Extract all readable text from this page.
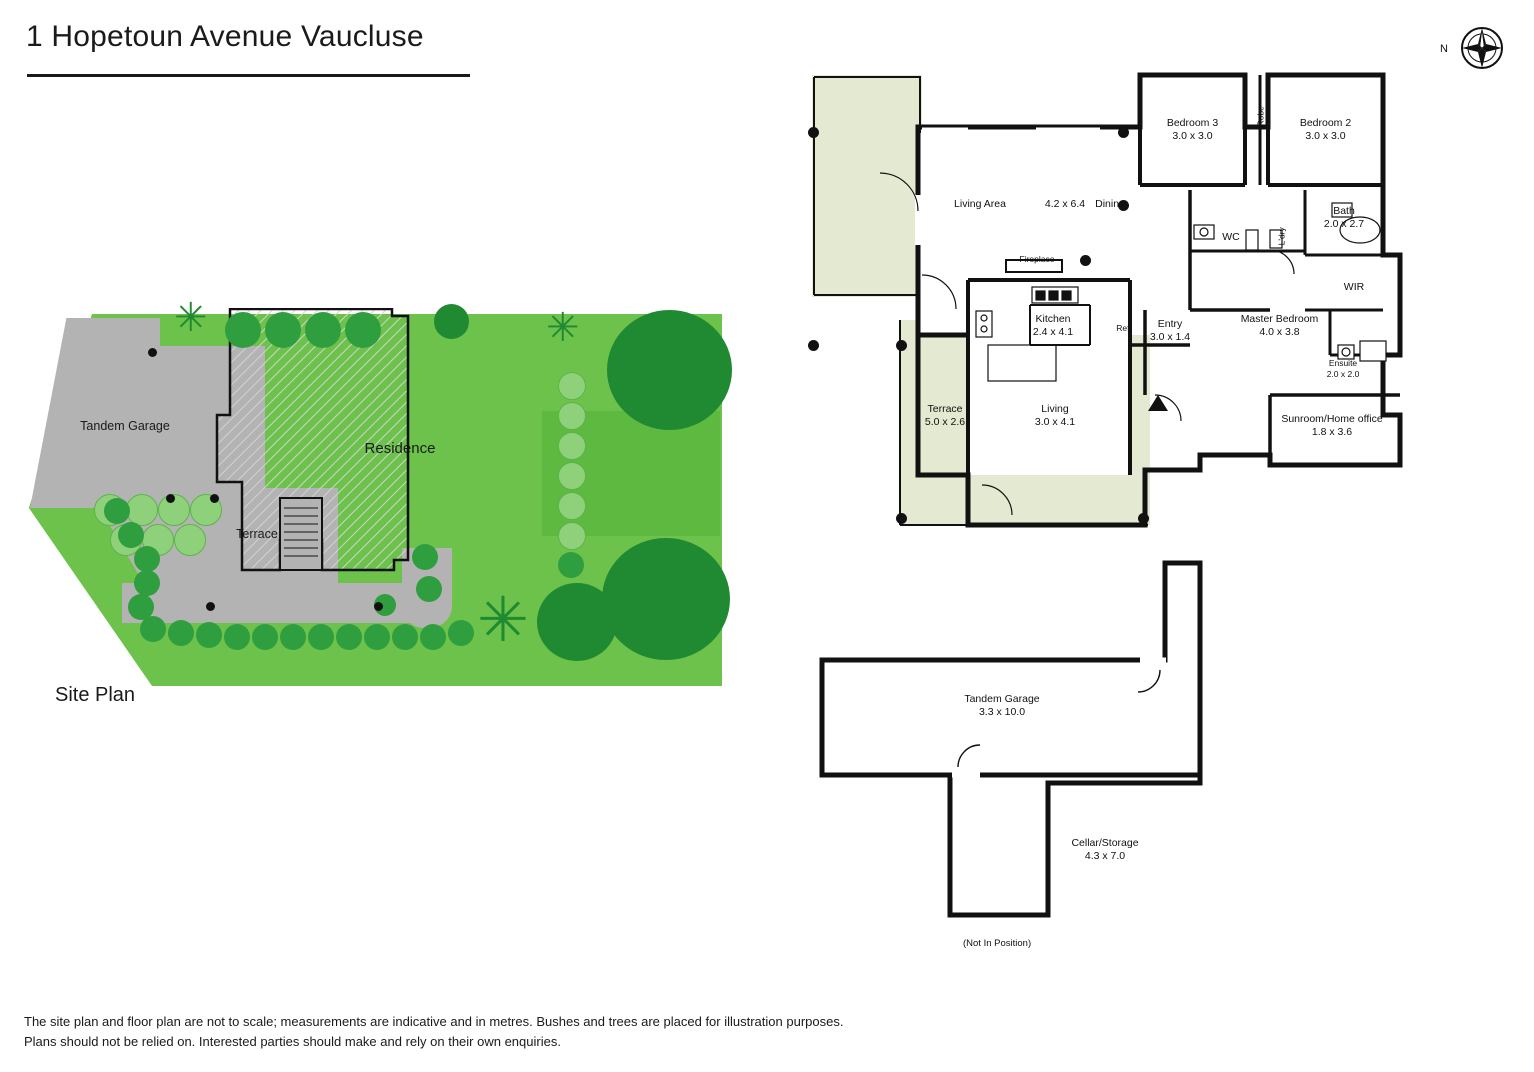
1 Hopetoun Avenue Vaucluse	N
✳	✳
✳
Tandem Garage
Residence
Terrace
Site Plan
Living Area	4.2 x 6.4 Dining
Bedroom 3
3.0 x 3.0
Bedroom 2
3.0 x 3.0
Robe
Fireplace
WC	L'dry
Bath
2.0 x 2.7
WIR
Kitchen
2.4 x 4.1	Ref.	Entry
3.0 x 1.4
Master Bedroom
4.0 x 3.8
Ensuite
2.0 x 2.0
Terrace
5.0 x 2.6
Living
3.0 x 4.1	Sunroom/Home office
1.8 x 3.6
Tandem Garage
3.3 x 10.0
Cellar/Storage
4.3 x 7.0
(Not In Position)
The site plan and floor plan are not to scale; measurements are indicative and in metres. Bushes and trees are placed for illustration purposes.
Plans should not be relied on. Interested parties should make and rely on their own enquiries.
